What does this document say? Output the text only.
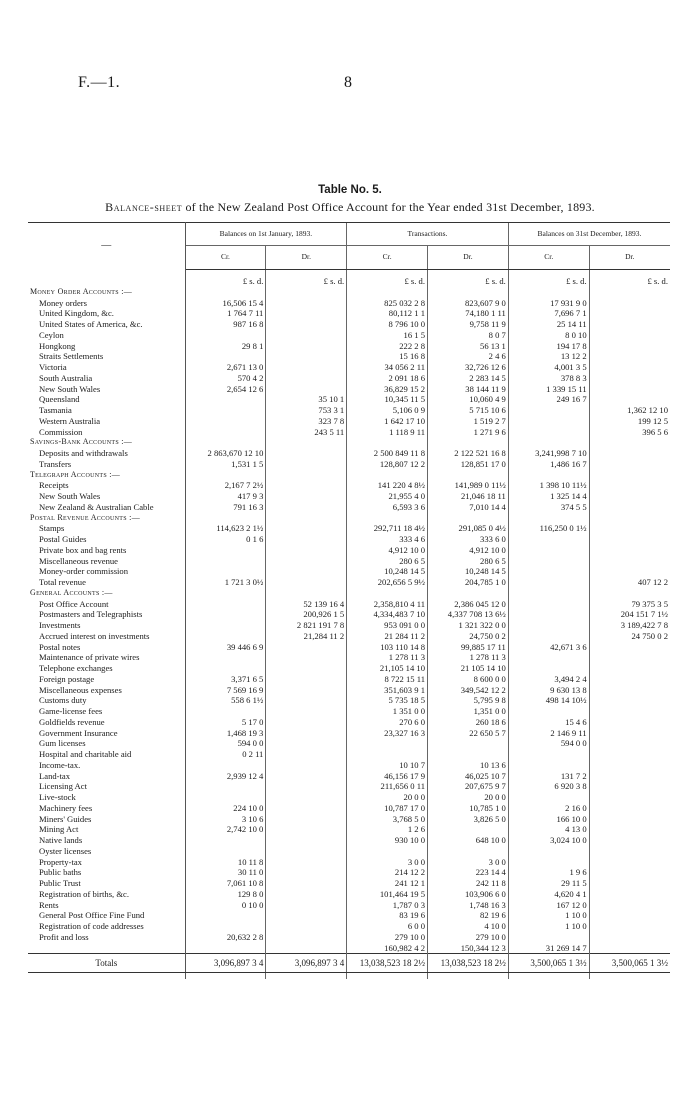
F.—1.	8
Table No. 5.
Balance-sheet of the New Zealand Post Office Account for the Year ended 31st December, 1893.
—	Balances on 1st January, 1893.		Transactions.		Balances on 31st December, 1893.	
	Cr.	Dr.	Cr.	Dr.	Cr.	Dr.

	£ s. d.	£ s. d.	£ s. d.	£ s. d.	£ s. d.	£ s. d.
Money Order Accounts :—						
Money orders	16,506 15 4		825 032 2 8	823,607 9 0	17 931 9 0	
United Kingdom, &c.	1 764 7 11		80,112 1 1	74,180 1 11	7,696 7 1	
United States of America, &c.	987 16 8		8 796 10 0	9,758 11 9	25 14 11	
Ceylon			16 1 5	8 0 7	8 0 10	
Hongkong	29 8 1		222 2 8	56 13 1	194 17 8	
Straits Settlements			15 16 8	2 4 6	13 12 2	
Victoria	2,671 13 0		34 056 2 11	32,726 12 6	4,001 3 5	
South Australia	570 4 2		2 091 18 6	2 283 14 5	378 8 3	
New South Wales	2,654 12 6		36,829 15 2	38 144 11 9	1 339 15 11	
Queensland		35 10 1	10,345 11 5	10,060 4 9	249 16 7	
Tasmania		753 3 1	5,106 0 9	5 715 10 6		1,362 12 10
Western Australia		323 7 8	1 642 17 10	1 519 2 7		199 12 5
Commission		243 5 11	1 118 9 11	1 271 9 6		396 5 6
Savings-Bank Accounts :—						
Deposits and withdrawals	2 863,670 12 10		2 500 849 11 8	2 122 521 16 8	3,241,998 7 10	
Transfers	1,531 1 5		128,807 12 2	128,851 17 0	1,486 16 7	
Telegraph Accounts :—						
Receipts	2,167 7 2½		141 220 4 8½	141,989 0 11½	1 398 10 11½	
New South Wales	417 9 3		21,955 4 0	21,046 18 11	1 325 14 4	
New Zealand & Australian Cable	791 16 3		6,593 3 6	7,010 14 4	374 5 5	
Postal Revenue Accounts :—						
Stamps	114,623 2 1½		292,711 18 4½	291,085 0 4½	116,250 0 1½	
Postal Guides	0 1 6		333 4 6	333 6 0		
Private box and bag rents			4,912 10 0	4,912 10 0		
Miscellaneous revenue			280 6 5	280 6 5		
Money-order commission			10,248 14 5	10,248 14 5		
Total revenue	1 721 3 0½		202,656 5 9½	204,785 1 0		407 12 2
General Accounts :—						
Post Office Account		52 139 16 4	2,358,810 4 11	2,386 045 12 0		79 375 3 5
Postmasters and Telegraphists		200,926 1 5	4,334,483 7 10	4,337 708 13 6½		204 151 7 1½
Investments		2 821 191 7 8	953 091 0 0	1 321 322 0 0		3 189,422 7 8
Accrued interest on investments		21,284 11 2	21 284 11 2	24,750 0 2		24 750 0 2
Postal notes	39 446 6 9		103 110 14 8	99,885 17 11	42,671 3 6	
Maintenance of private wires			1 278 11 3	1 278 11 3		
Telephone exchanges			21,105 14 10	21 105 14 10		
Foreign postage	3,371 6 5		8 722 15 11	8 600 0 0	3,494 2 4	
Miscellaneous expenses	7 569 16 9		351,603 9 1	349,542 12 2	9 630 13 8	
Customs duty	558 6 1½		5 735 18 5	5,795 9 8	498 14 10½	
Game-license fees			1 351 0 0	1,351 0 0		
Goldfields revenue	5 17 0		270 6 0	260 18 6	15 4 6	
Government Insurance	1,468 19 3		23,327 16 3	22 650 5 7	2 146 9 11	
Gum licenses	594 0 0				594 0 0	
Hospital and charitable aid	0 2 11					
Income-tax.			10 10 7	10 13 6		
Land-tax	2,939 12 4		46,156 17 9	46,025 10 7	131 7 2	
Licensing Act			211,656 0 11	207,675 9 7	6 920 3 8	
Live-stock			20 0 0	20 0 0		
Machinery fees	224 10 0		10,787 17 0	10,785 1 0	2 16 0	
Miners' Guides	3 10 6		3,768 5 0	3,826 5 0	166 10 0	
Mining Act	2,742 10 0		1 2 6		4 13 0	
Native lands			930 10 0	648 10 0	3,024 10 0	
Oyster licenses						
Property-tax	10 11 8		3 0 0	3 0 0		
Public baths	30 11 0		214 12 2	223 14 4	1 9 6	
Public Trust	7,061 10 8		241 12 1	242 11 8	29 11 5	
Registration of births, &c.	129 8 0		101,464 19 5	103,906 6 0	4,620 4 1	
Rents	0 10 0		1,787 0 3	1,748 16 3	167 12 0	
General Post Office Fine Fund			83 19 6	82 19 6	1 10 0	
Registration of code addresses			6 0 0	4 10 0	1 10 0	
Profit and loss	20,632 2 8		279 10 0	279 10 0		
			160,982 4 2	150,344 12 3	31 269 14 7	
Totals	3,096,897 3 4	3,096,897 3 4	13,038,523 18 2½	13,038,523 18 2½	3,500,065 1 3½	3,500,065 1 3½
